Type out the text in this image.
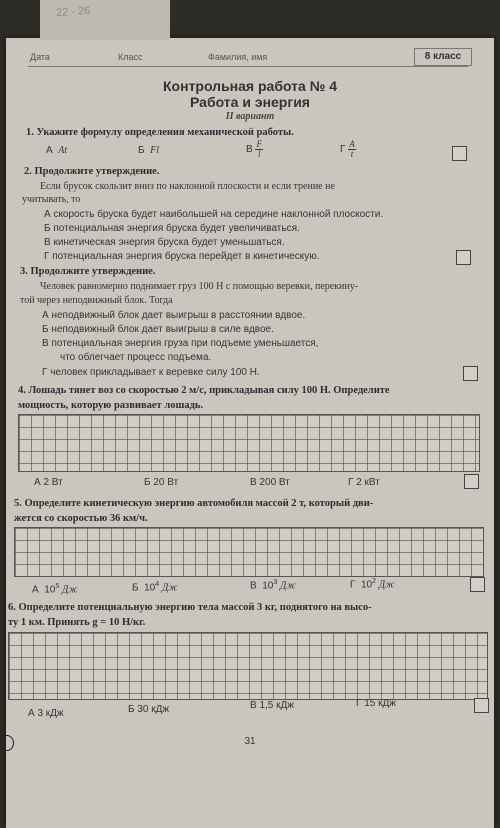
22 - 26
Дата	Класс	Фамилия, имя	8 класс
Контрольная работа № 4
Работа и энергия
II вариант
1. Укажите формулу определения механической работы.
А At	Б Fl	В $\frac{F}{l}$	Г $\frac{A}{t}$
2. Продолжите утверждение.
Если брусок скользит вниз по наклонной плоскости и если трение не
учитывать, то
А скорость бруска будет наибольшей на середине наклонной плоскости.
Б потенциальная энергия бруска будет увеличиваться.
В кинетическая энергия бруска будет уменьшаться.
Г потенциальная энергия бруска перейдет в кинетическую.
3. Продолжите утверждение.
Человек равномерно поднимает груз 100 Н с помощью веревки, перекину-
той через неподвижный блок. Тогда
А неподвижный блок дает выигрыш в расстоянии вдвое.
Б неподвижный блок дает выигрыш в силе вдвое.
В потенциальная энергия груза при подъеме уменьшается,
что облегчает процесс подъема.
Г человек прикладывает к веревке силу 100 Н.
4. Лошадь тянет воз со скоростью 2 м/с, прикладывая силу 100 Н. Определите
мощность, которую развивает лошадь.
А 2 Вт	Б 20 Вт	В 200 Вт	Г 2 кВт
5. Определите кинетическую энергию автомобиля массой 2 т, который дви-
жется со скоростью 36 км/ч.
А $10^5$ Дж	Б $10^4$ Дж	В $10^3$ Дж	Г $10^2$ Дж
6. Определите потенциальную энергию тела массой 3 кг, поднятого на высо-
ту 1 км. Принять g = 10 Н/кг.
А 3 кДж	Б 30 кДж	В 1,5 кДж	Г 15 кДж
31
